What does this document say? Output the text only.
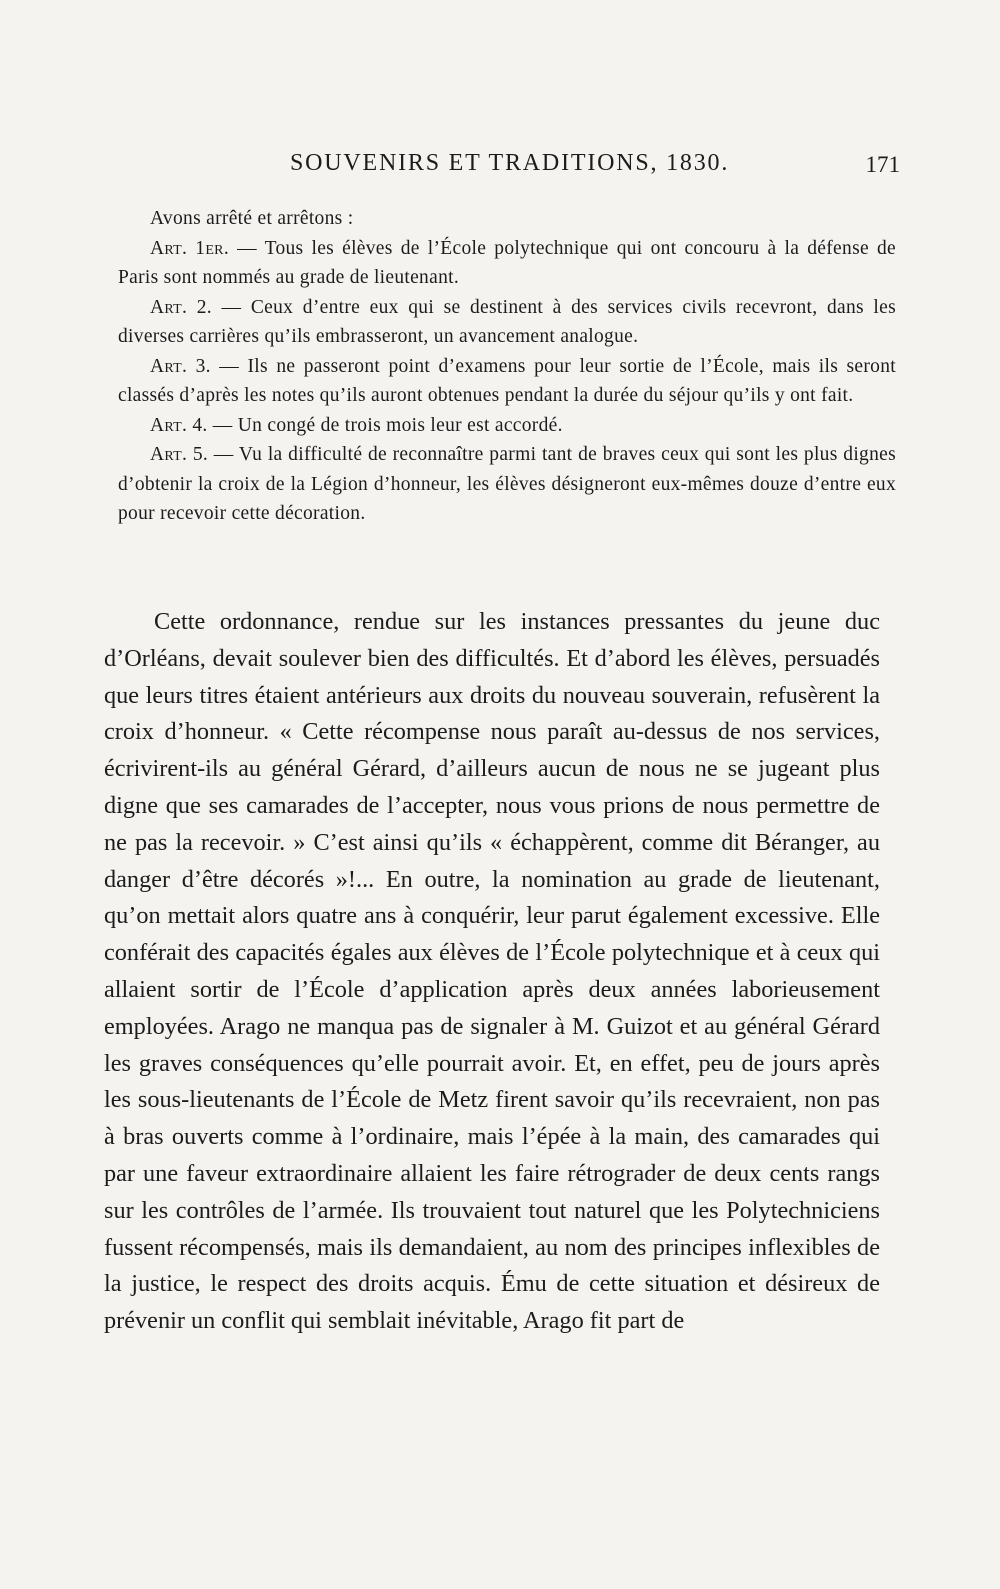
SOUVENIRS ET TRADITIONS, 1830.	171

Avons arrêté et arrêtons :

Art. 1er. — Tous les élèves de l’École polytechnique qui ont concouru à la défense de Paris sont nommés au grade de lieutenant.

Art. 2. — Ceux d’entre eux qui se destinent à des services civils recevront, dans les diverses carrières qu’ils embrasseront, un avancement analogue.

Art. 3. — Ils ne passeront point d’examens pour leur sortie de l’École, mais ils seront classés d’après les notes qu’ils auront obtenues pendant la durée du séjour qu’ils y ont fait.

Art. 4. — Un congé de trois mois leur est accordé.

Art. 5. — Vu la difficulté de reconnaître parmi tant de braves ceux qui sont les plus dignes d’obtenir la croix de la Légion d’honneur, les élèves désigneront eux-mêmes douze d’entre eux pour recevoir cette décoration.

Cette ordonnance, rendue sur les instances pressantes du jeune duc d’Orléans, devait soulever bien des difficultés. Et d’abord les élèves, persuadés que leurs titres étaient antérieurs aux droits du nouveau souverain, refusèrent la croix d’honneur. « Cette récompense nous paraît au-dessus de nos services, écrivirent-ils au général Gérard, d’ailleurs aucun de nous ne se jugeant plus digne que ses camarades de l’accepter, nous vous prions de nous permettre de ne pas la recevoir. » C’est ainsi qu’ils « échappèrent, comme dit Béranger, au danger d’être décorés »!... En outre, la nomination au grade de lieutenant, qu’on mettait alors quatre ans à conquérir, leur parut également excessive. Elle conférait des capacités égales aux élèves de l’École polytechnique et à ceux qui allaient sortir de l’École d’application après deux années laborieusement employées. Arago ne manqua pas de signaler à M. Guizot et au général Gérard les graves conséquences qu’elle pourrait avoir. Et, en effet, peu de jours après les sous-lieutenants de l’École de Metz firent savoir qu’ils recevraient, non pas à bras ouverts comme à l’ordinaire, mais l’épée à la main, des camarades qui par une faveur extraordinaire allaient les faire rétrograder de deux cents rangs sur les contrôles de l’armée. Ils trouvaient tout naturel que les Polytechniciens fussent récompensés, mais ils demandaient, au nom des principes inflexibles de la justice, le respect des droits acquis. Ému de cette situation et désireux de prévenir un conflit qui semblait inévitable, Arago fit part de
